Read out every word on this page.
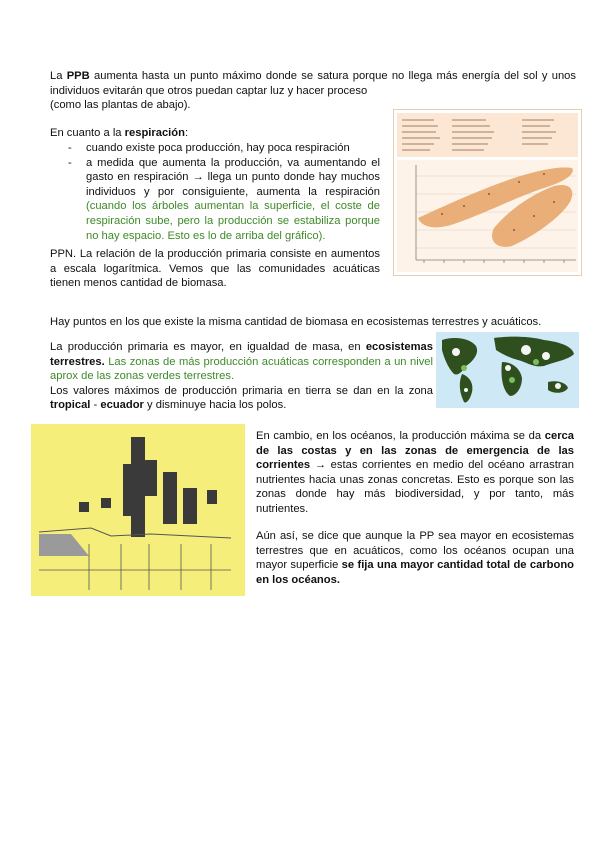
La PPB aumenta hasta un punto máximo donde se satura porque no llega más energía del sol y unos individuos evitarán que otros puedan captar luz y hacer proceso
(como las plantas de abajo).
En cuanto a la respiración:
- cuando existe poca producción, hay poca respiración
- a medida que aumenta la producción, va aumentando el gasto en respiración → llega un punto donde hay muchos individuos y por consiguiente, aumenta la respiración (cuando los árboles aumentan la superficie, el coste de respiración sube, pero la producción se estabiliza porque no hay espacio. Esto es lo de arriba del gráfico).
PPN. La relación de la producción primaria consiste en aumentos a escala logarítmica. Vemos que las comunidades acuáticas tienen menos cantidad de biomasa.
Hay puntos en los que existe la misma cantidad de biomasa en ecosistemas terrestres y acuáticos.
La producción primaria es mayor, en igualdad de masa, en ecosistemas terrestres. Las zonas de más producción acuáticas corresponden a un nivel aprox de las zonas verdes terrestres.
Los valores máximos de producción primaria en tierra se dan en la zona tropical - ecuador y disminuye hacia los polos.
En cambio, en los océanos, la producción máxima se da cerca de las costas y en las zonas de emergencia de las corrientes → estas corrientes en medio del océano arrastran nutrientes hacia unas zonas concretas. Esto es porque son las zonas donde hay más biodiversidad, y por tanto, más nutrientes.
Aún así, se dice que aunque la PP sea mayor en ecosistemas terrestres que en acuáticos, como los océanos ocupan una mayor superficie se fija una mayor cantidad total de carbono en los océanos.
